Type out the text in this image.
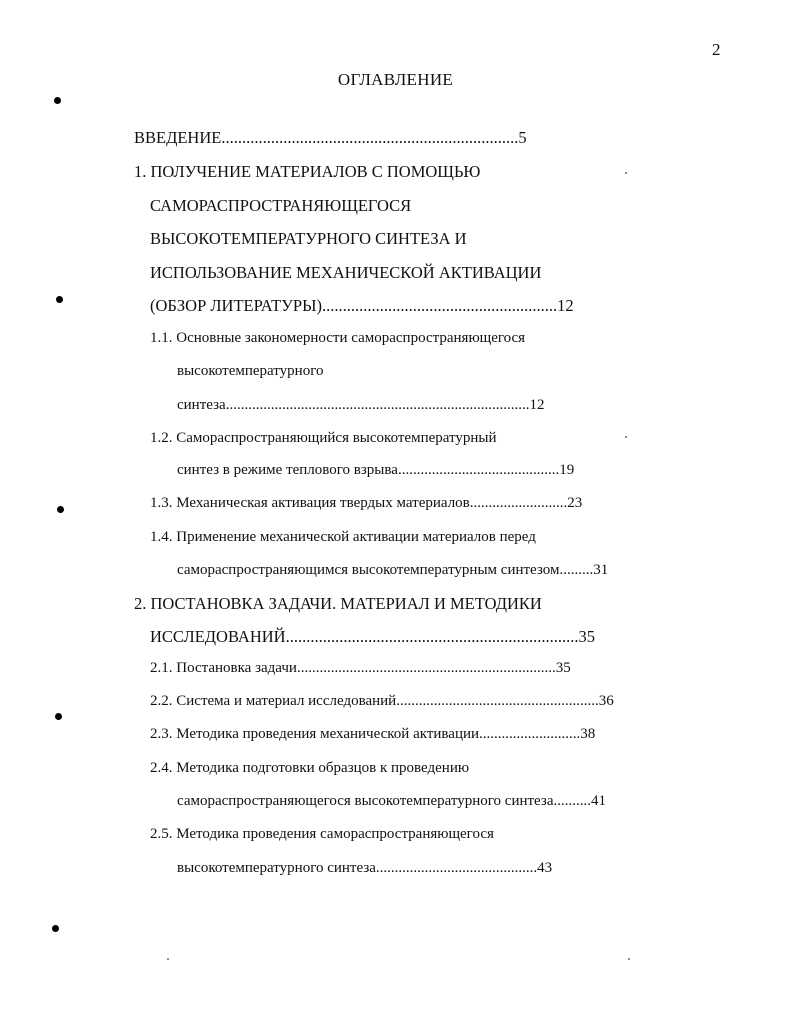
2
ОГЛАВЛЕНИЕ
ВВЕДЕНИЕ........................................................................5
1. ПОЛУЧЕНИЕ МАТЕРИАЛОВ С ПОМОЩЬЮ
САМОРАСПРОСТРАНЯЮЩЕГОСЯ
ВЫСОКОТЕМПЕРАТУРНОГО СИНТЕЗА И
ИСПОЛЬЗОВАНИЕ МЕХАНИЧЕСКОЙ АКТИВАЦИИ
(ОБЗОР ЛИТЕРАТУРЫ).........................................................12
1.1. Основные закономерности самораспространяющегося
высокотемпературного
синтеза.................................................................................12
1.2. Самораспространяющийся высокотемпературный
синтез в режиме теплового взрыва...........................................19
1.3. Механическая активация твердых материалов..........................23
1.4. Применение механической активации материалов перед
самораспространяющимся высокотемпературным синтезом.........31
2. ПОСТАНОВКА ЗАДАЧИ. МАТЕРИАЛ И МЕТОДИКИ
ИССЛЕДОВАНИЙ.......................................................................35
2.1. Постановка задачи.....................................................................35
2.2. Система и материал исследований......................................................36
2.3. Методика проведения механической активации...........................38
2.4. Методика подготовки образцов к проведению
самораспространяющегося высокотемпературного синтеза..........41
2.5. Методика проведения самораспространяющегося
высокотемпературного синтеза...........................................43
